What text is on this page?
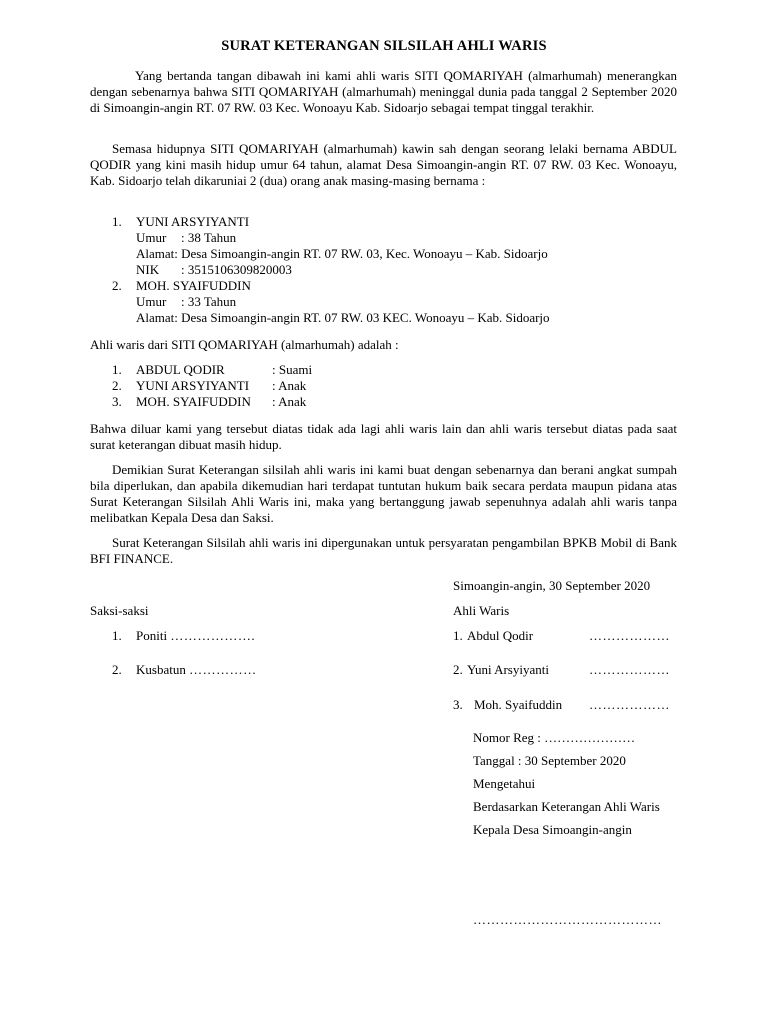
SURAT KETERANGAN SILSILAH AHLI WARIS

Yang bertanda tangan dibawah ini kami ahli waris SITI QOMARIYAH (almarhumah) menerangkan dengan sebenarnya bahwa SITI QOMARIYAH (almarhumah) meninggal dunia pada tanggal 2 September 2020 di Simoangin-angin RT. 07 RW. 03 Kec. Wonoayu Kab. Sidoarjo sebagai tempat tinggal terakhir.

Semasa hidupnya SITI QOMARIYAH (almarhumah) kawin sah dengan seorang lelaki bernama ABDUL QODIR yang kini masih hidup umur 64 tahun, alamat Desa Simoangin-angin RT. 07 RW. 03 Kec. Wonoayu, Kab. Sidoarjo telah dikaruniai 2 (dua) orang anak masing-masing bernama :

1. YUNI ARSYIYANTI
Umur : 38 Tahun
Alamat: Desa Simoangin-angin RT. 07 RW. 03, Kec. Wonoayu – Kab. Sidoarjo
NIK : 3515106309820003
2. MOH. SYAIFUDDIN
Umur : 33 Tahun
Alamat: Desa Simoangin-angin RT. 07 RW. 03 KEC. Wonoayu – Kab. Sidoarjo
Ahli waris dari SITI QOMARIYAH (almarhumah) adalah :
1. ABDUL QODIR	: Suami
2. YUNI ARSYIYANTI : Anak
3. MOH. SYAIFUDDIN : Anak

Bahwa diluar kami yang tersebut diatas tidak ada lagi ahli waris lain dan ahli waris tersebut diatas pada saat surat keterangan dibuat masih hidup.

Demikian Surat Keterangan silsilah ahli waris ini kami buat dengan sebenarnya dan berani angkat sumpah bila diperlukan, dan apabila dikemudian hari terdapat tuntutan hukum baik secara perdata maupun pidana atas Surat Keterangan Silsilah Ahli Waris ini, maka yang bertanggung jawab sepenuhnya adalah ahli waris tanpa melibatkan Kepala Desa dan Saksi.

Surat Keterangan Silsilah ahli waris ini dipergunakan untuk persyaratan pengambilan BPKB Mobil di Bank BFI FINANCE.

Simoangin-angin, 30 September 2020
Saksi-saksi
1. Poniti ……………….
2. Kusbatun ……………
Ahli Waris
1. Abdul Qodir	………………
2. Yuni Arsyiyanti	………………
3. Moh. Syaifuddin ………………
Nomor Reg : …………………
Tanggal : 30 September 2020
Mengetahui
Berdasarkan Keterangan Ahli Waris
Kepala Desa Simoangin-angin
……………………………………
